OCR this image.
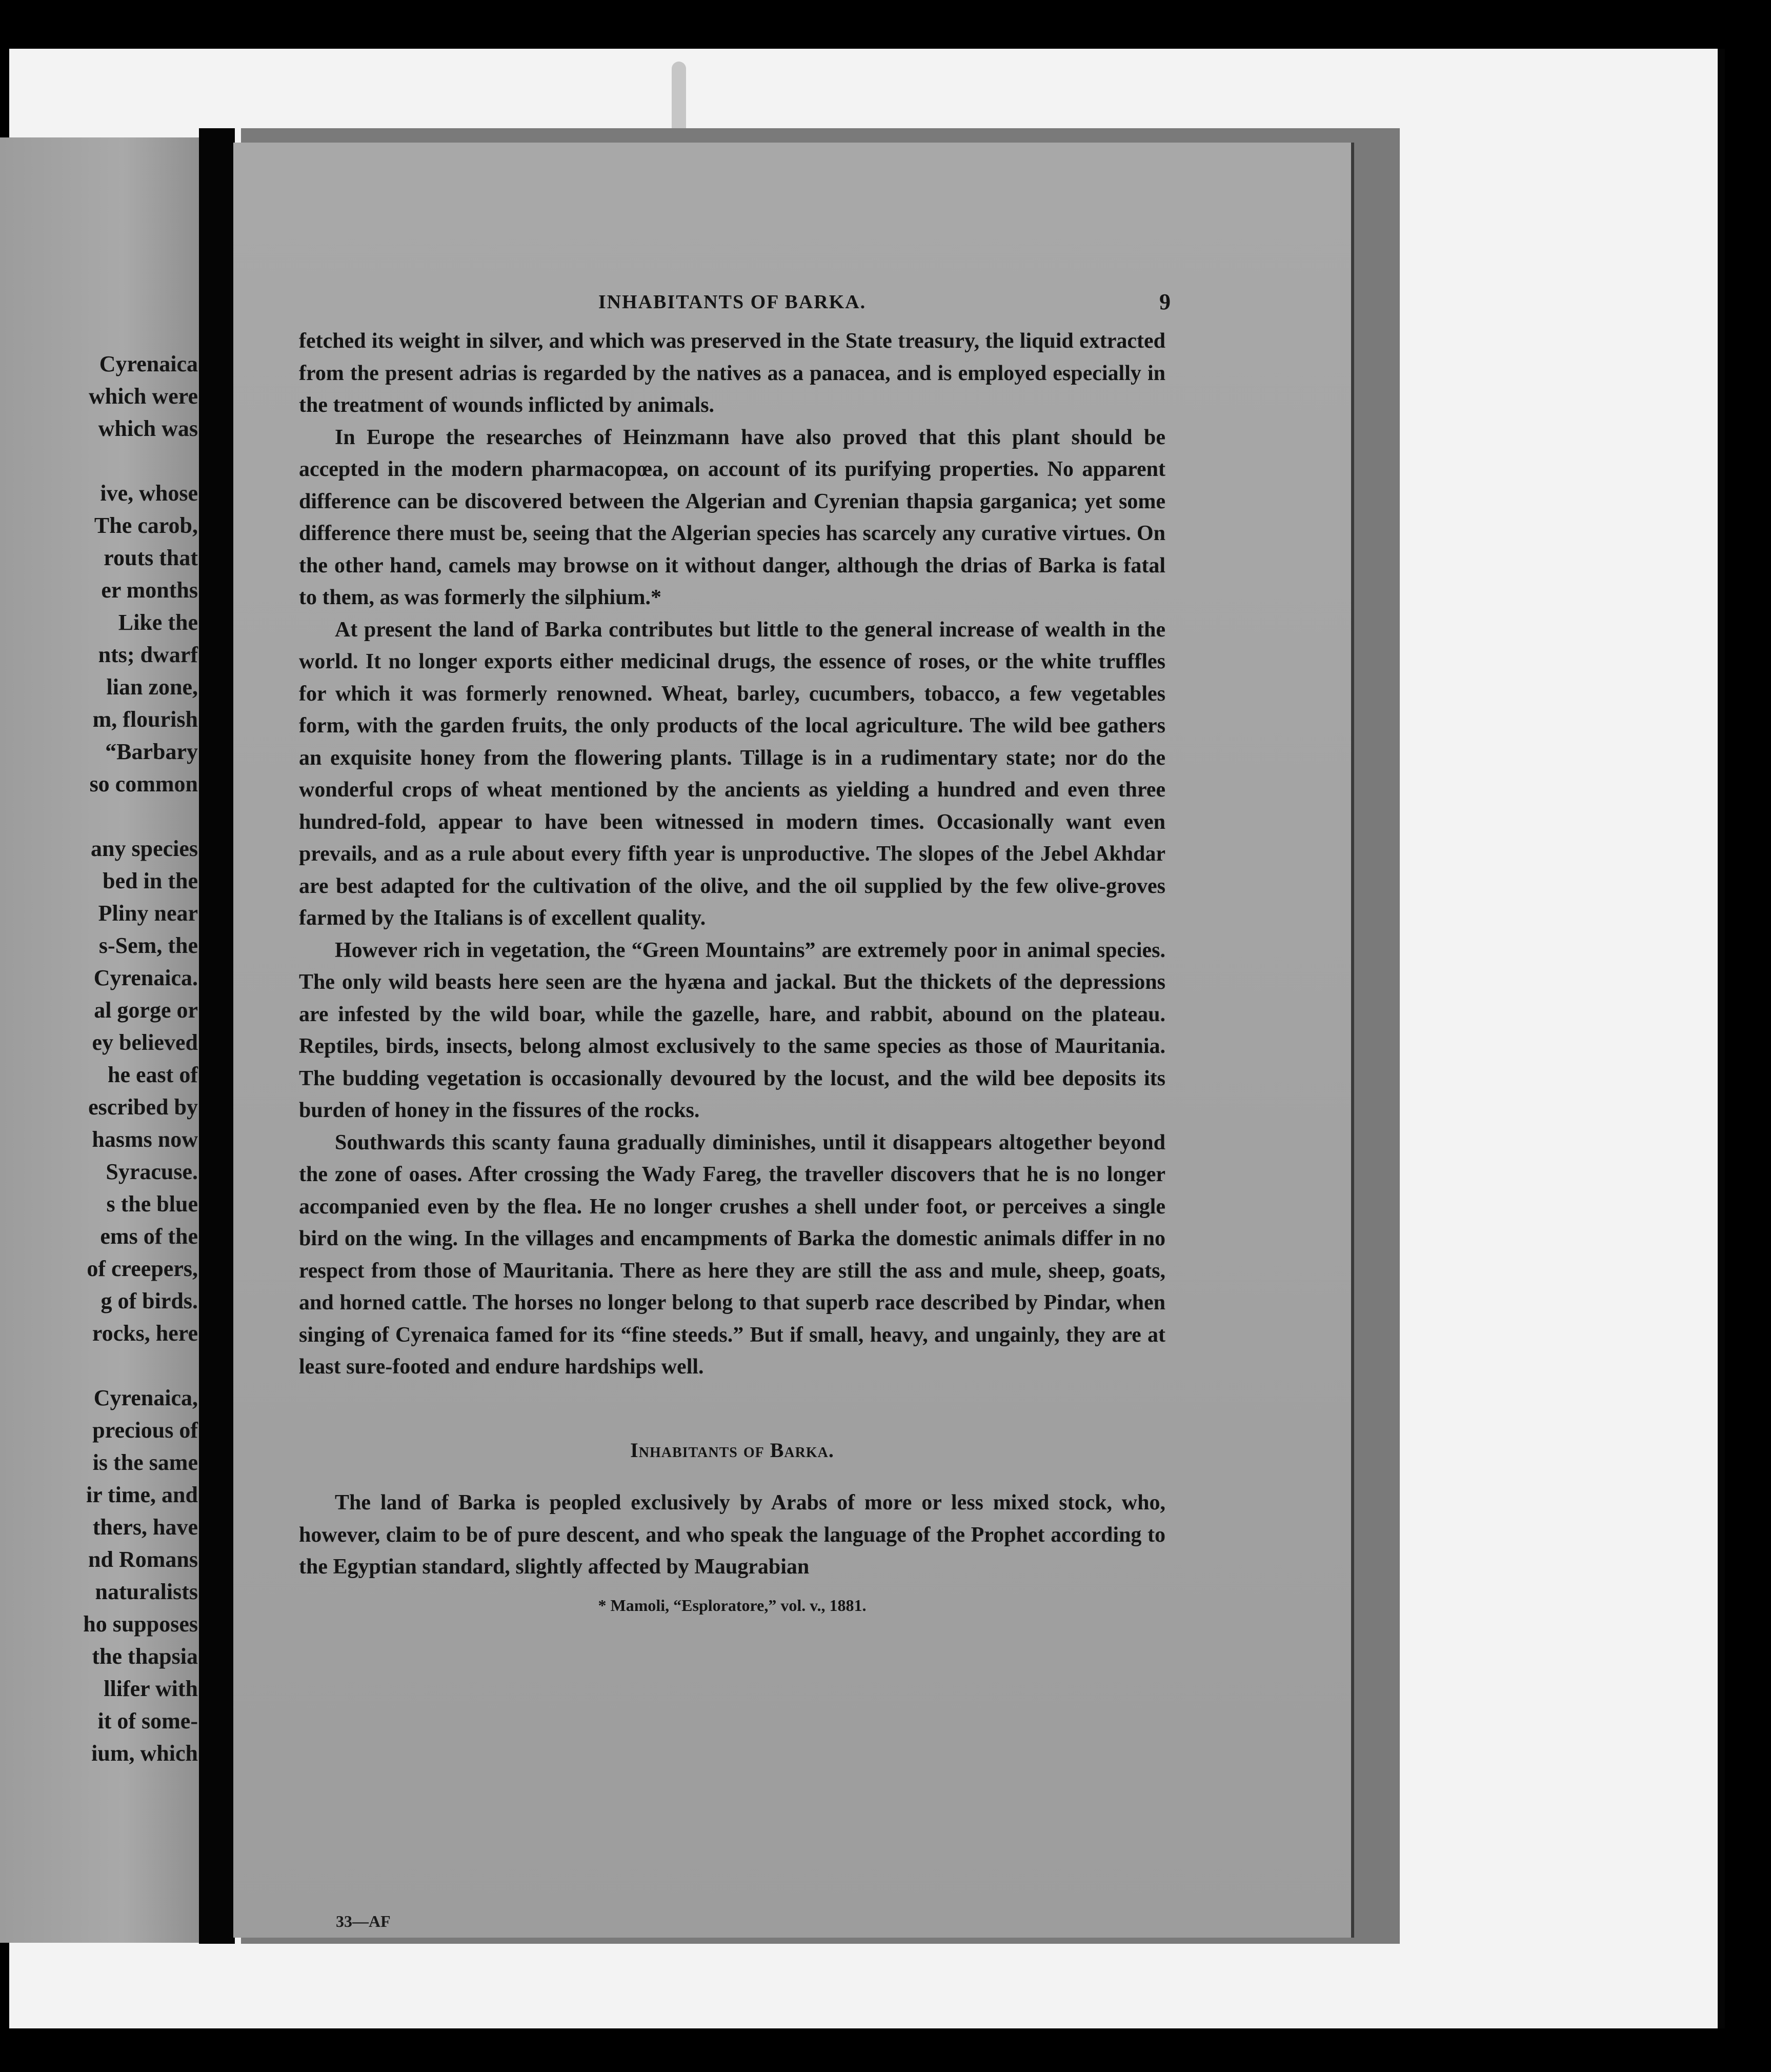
Cyrenaica
which were
which was
ive, whose
The carob,
routs that
er months
Like the
nts; dwarf
lian zone,
m, flourish
“Barbary
so common
any species
bed in the
Pliny near
s-Sem, the
Cyrenaica.
al gorge or
ey believed
he east of
escribed by
hasms now
Syracuse.
s the blue
ems of the
of creepers,
g of birds.
rocks, here
Cyrenaica,
precious of
is the same
ir time, and
thers, have
nd Romans
naturalists
ho supposes
the thapsia
llifer with
it of some-
ium, which
INHABITANTS OF BARKA.	9

fetched its weight in silver, and which was preserved in the State treasury, the liquid extracted from the present adrias is regarded by the natives as a panacea, and is employed especially in the treatment of wounds inflicted by animals.

In Europe the researches of Heinzmann have also proved that this plant should be accepted in the modern pharmacopœa, on account of its purifying properties. No apparent difference can be discovered between the Algerian and Cyrenian thapsia garganica; yet some difference there must be, seeing that the Algerian species has scarcely any curative virtues. On the other hand, camels may browse on it without danger, although the drias of Barka is fatal to them, as was formerly the silphium.*

At present the land of Barka contributes but little to the general increase of wealth in the world. It no longer exports either medicinal drugs, the essence of roses, or the white truffles for which it was formerly renowned. Wheat, barley, cucumbers, tobacco, a few vegetables form, with the garden fruits, the only products of the local agriculture. The wild bee gathers an exquisite honey from the flowering plants. Tillage is in a rudimentary state; nor do the wonderful crops of wheat mentioned by the ancients as yielding a hundred and even three hundred-fold, appear to have been witnessed in modern times. Occasionally want even prevails, and as a rule about every fifth year is unproductive. The slopes of the Jebel Akhdar are best adapted for the cultivation of the olive, and the oil supplied by the few olive-groves farmed by the Italians is of excellent quality.

However rich in vegetation, the “Green Mountains” are extremely poor in animal species. The only wild beasts here seen are the hyæna and jackal. But the thickets of the depressions are infested by the wild boar, while the gazelle, hare, and rabbit, abound on the plateau. Reptiles, birds, insects, belong almost exclusively to the same species as those of Mauritania. The budding vegetation is occasionally devoured by the locust, and the wild bee deposits its burden of honey in the fissures of the rocks.

Southwards this scanty fauna gradually diminishes, until it disappears altogether beyond the zone of oases. After crossing the Wady Fareg, the traveller discovers that he is no longer accompanied even by the flea. He no longer crushes a shell under foot, or perceives a single bird on the wing. In the villages and encampments of Barka the domestic animals differ in no respect from those of Mauritania. There as here they are still the ass and mule, sheep, goats, and horned cattle. The horses no longer belong to that superb race described by Pindar, when singing of Cyrenaica famed for its “fine steeds.” But if small, heavy, and ungainly, they are at least sure-footed and endure hardships well.

Inhabitants of Barka.

The land of Barka is peopled exclusively by Arabs of more or less mixed stock, who, however, claim to be of pure descent, and who speak the language of the Prophet according to the Egyptian standard, slightly affected by Maugrabian

* Mamoli, “Esploratore,” vol. v., 1881.
33—AF
